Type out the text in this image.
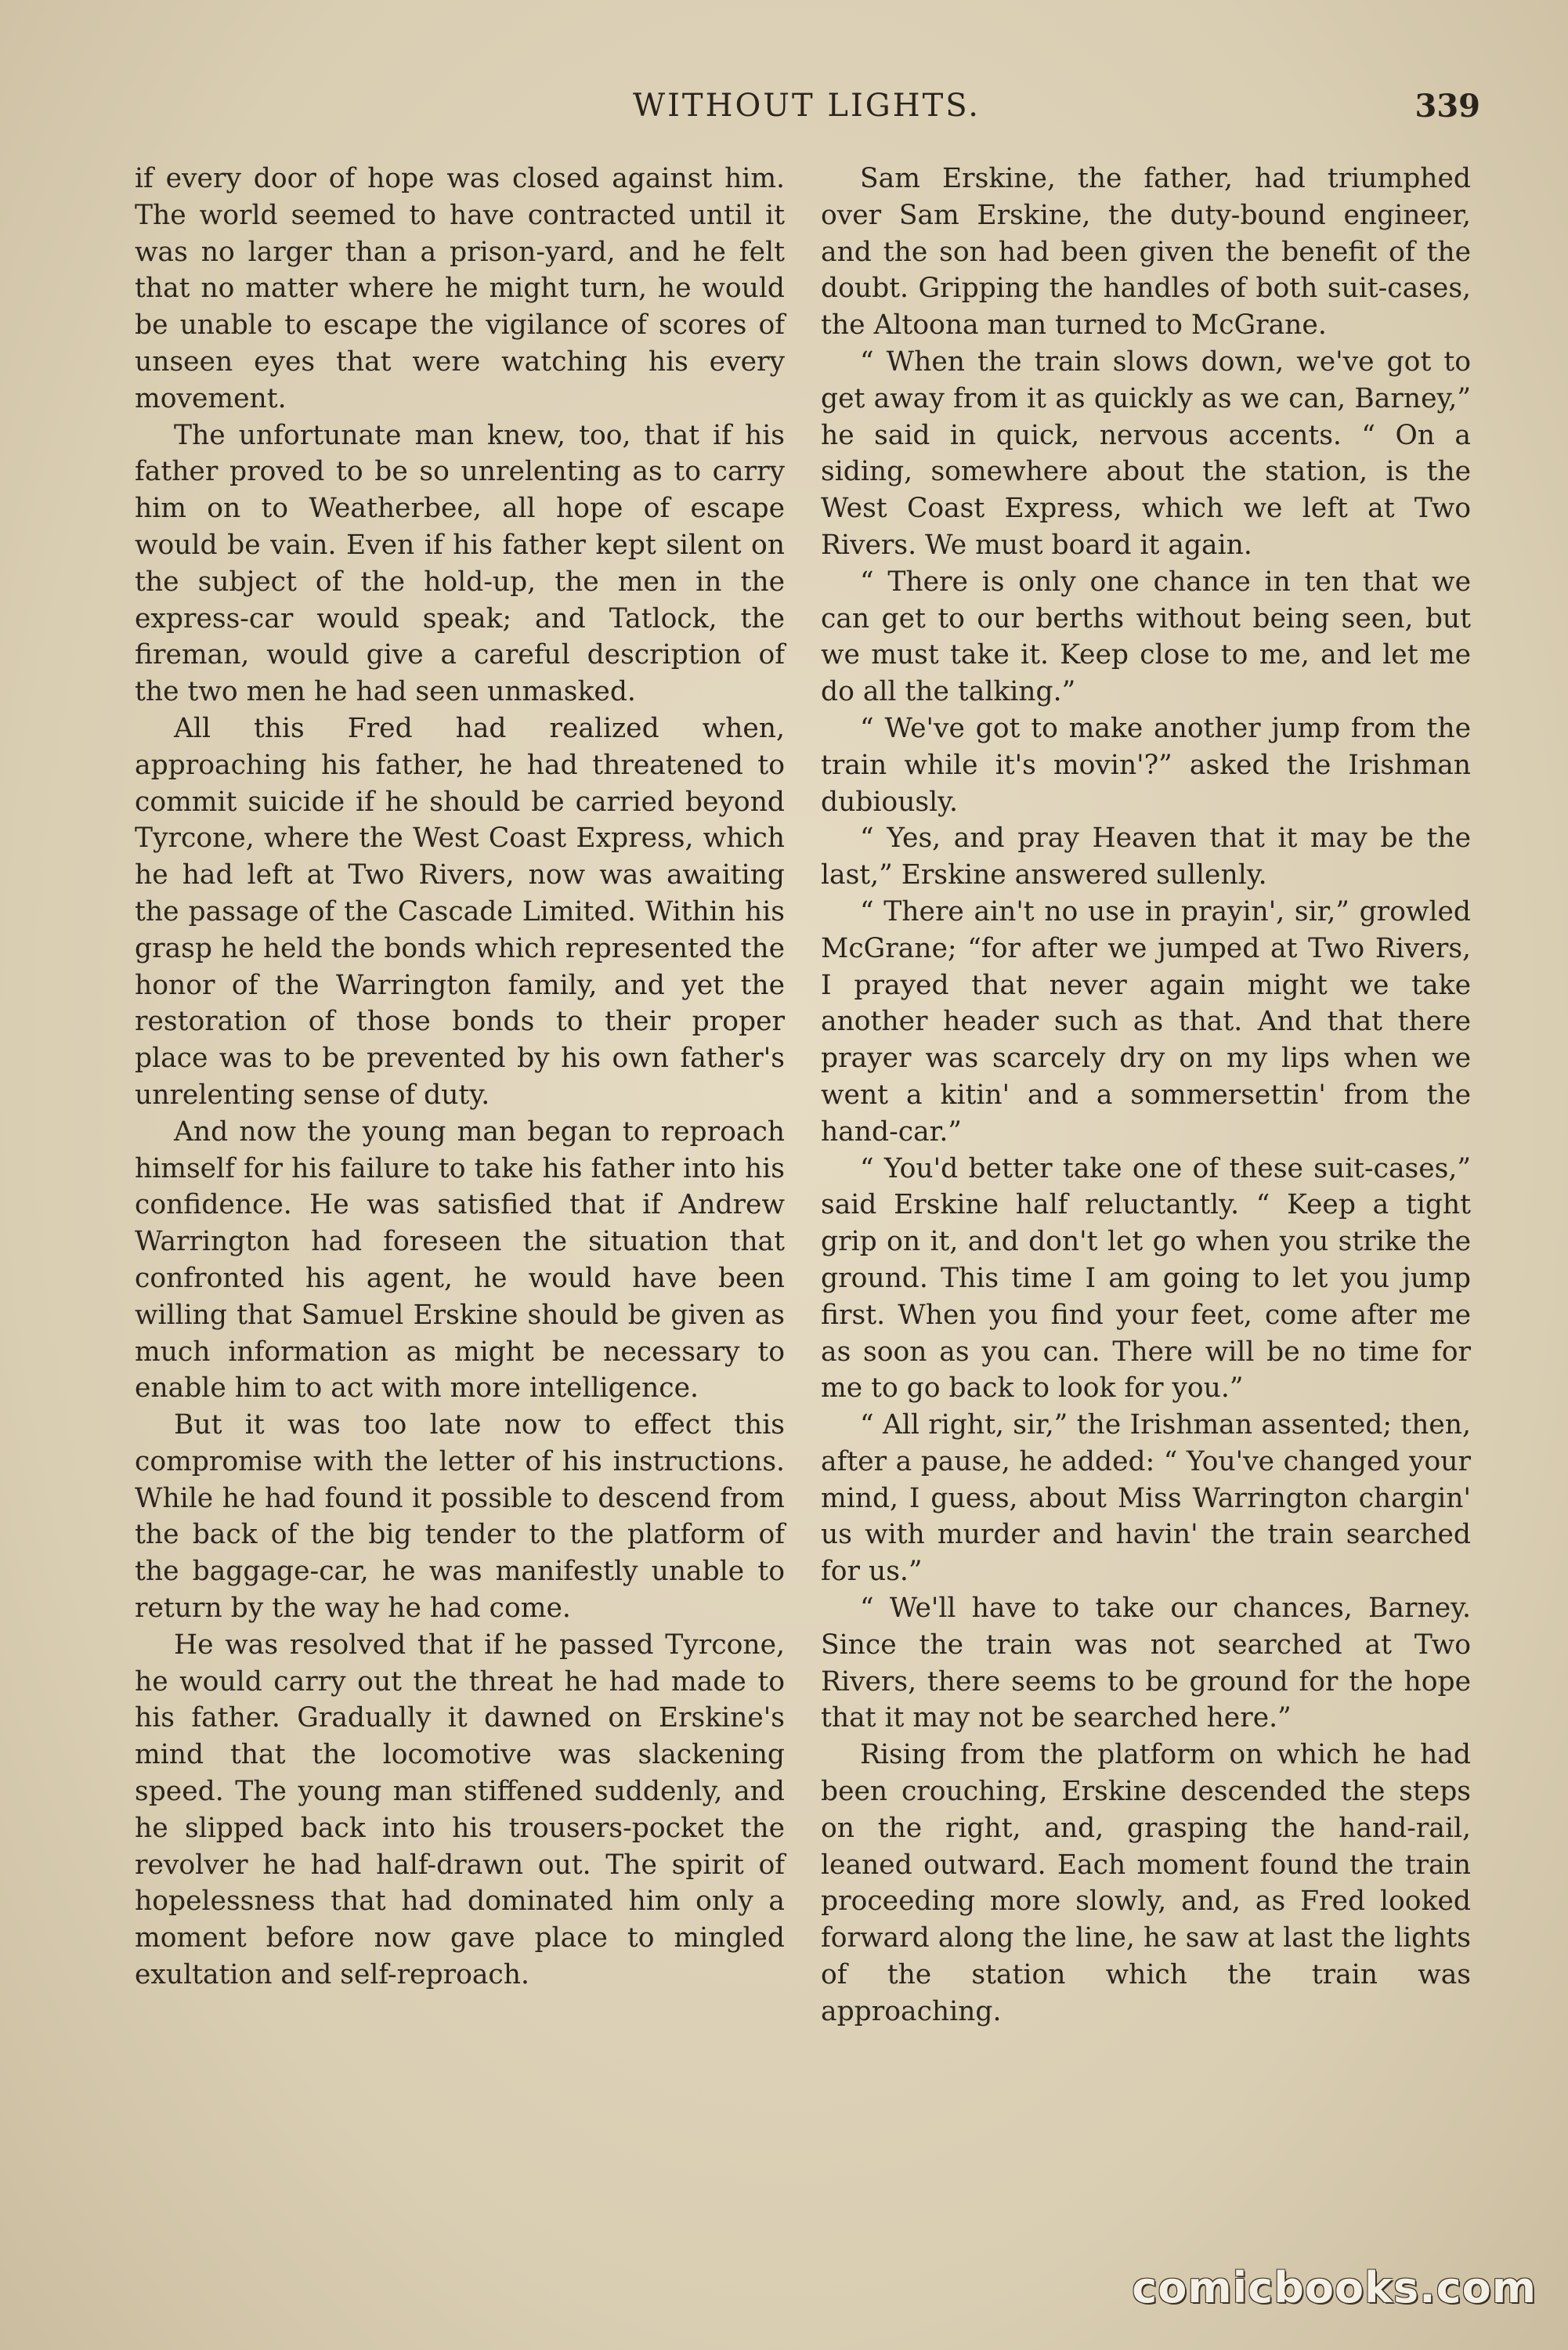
WITHOUT LIGHTS.	339

if every door of hope was closed against him. The world seemed to have contracted until it was no larger than a prison-yard, and he felt that no matter where he might turn, he would be unable to escape the vigilance of scores of unseen eyes that were watching his every movement.

The unfortunate man knew, too, that if his father proved to be so unrelenting as to carry him on to Weatherbee, all hope of escape would be vain. Even if his father kept silent on the subject of the hold-up, the men in the express-car would speak; and Tatlock, the fireman, would give a careful description of the two men he had seen unmasked.

All this Fred had realized when, approaching his father, he had threatened to commit suicide if he should be carried beyond Tyrcone, where the West Coast Express, which he had left at Two Rivers, now was awaiting the passage of the Cascade Limited. Within his grasp he held the bonds which represented the honor of the Warrington family, and yet the restoration of those bonds to their proper place was to be prevented by his own father's unrelenting sense of duty.

And now the young man began to reproach himself for his failure to take his father into his confidence. He was satisfied that if Andrew Warrington had foreseen the situation that confronted his agent, he would have been willing that Samuel Erskine should be given as much information as might be necessary to enable him to act with more intelligence.

But it was too late now to effect this compromise with the letter of his instructions. While he had found it possible to descend from the back of the big tender to the platform of the baggage-car, he was manifestly unable to return by the way he had come.

He was resolved that if he passed Tyrcone, he would carry out the threat he had made to his father. Gradually it dawned on Erskine's mind that the locomotive was slackening speed. The young man stiffened suddenly, and he slipped back into his trousers-pocket the revolver he had half-drawn out. The spirit of hopelessness that had dominated him only a moment before now gave place to mingled exultation and self-reproach.

Sam Erskine, the father, had triumphed over Sam Erskine, the duty-bound engineer, and the son had been given the benefit of the doubt. Gripping the handles of both suit-cases, the Altoona man turned to McGrane.

“ When the train slows down, we've got to get away from it as quickly as we can, Barney,” he said in quick, nervous accents. “ On a siding, somewhere about the station, is the West Coast Express, which we left at Two Rivers. We must board it again.

“ There is only one chance in ten that we can get to our berths without being seen, but we must take it. Keep close to me, and let me do all the talking.”

“ We've got to make another jump from the train while it's movin'?” asked the Irishman dubiously.

“ Yes, and pray Heaven that it may be the last,” Erskine answered sullenly.

“ There ain't no use in prayin', sir,” growled McGrane; “for after we jumped at Two Rivers, I prayed that never again might we take another header such as that. And that there prayer was scarcely dry on my lips when we went a kitin' and a sommersettin' from the hand-car.”

“ You'd better take one of these suit-cases,” said Erskine half reluctantly. “ Keep a tight grip on it, and don't let go when you strike the ground. This time I am going to let you jump first. When you find your feet, come after me as soon as you can. There will be no time for me to go back to look for you.”

“ All right, sir,” the Irishman assented; then, after a pause, he added: “ You've changed your mind, I guess, about Miss Warrington chargin' us with murder and havin' the train searched for us.”

“ We'll have to take our chances, Barney. Since the train was not searched at Two Rivers, there seems to be ground for the hope that it may not be searched here.”

Rising from the platform on which he had been crouching, Erskine descended the steps on the right, and, grasping the hand-rail, leaned outward. Each moment found the train proceeding more slowly, and, as Fred looked forward along the line, he saw at last the lights of the station which the train was approaching.

comicbooks.com
